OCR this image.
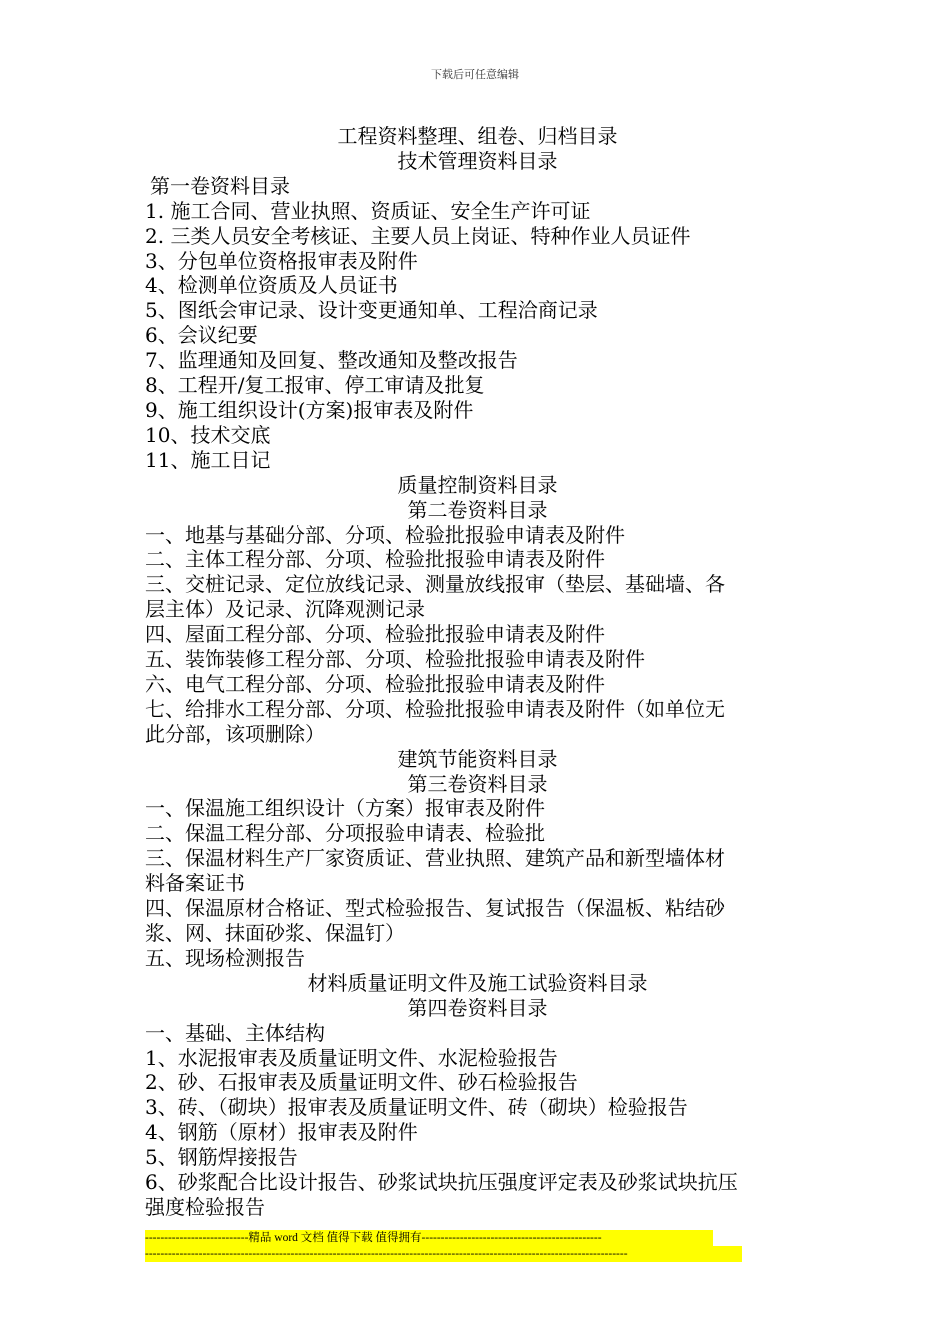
下载后可任意编辑
工程资料整理、组卷、归档目录
技术管理资料目录
第一卷资料目录
1. 施工合同、营业执照、资质证、安全生产许可证
2. 三类人员安全考核证、主要人员上岗证、特种作业人员证件
3、分包单位资格报审表及附件
4、检测单位资质及人员证书
5、图纸会审记录、设计变更通知单、工程洽商记录
6、会议纪要
7、监理通知及回复、整改通知及整改报告
8、工程开/复工报审、停工审请及批复
9、施工组织设计(方案)报审表及附件
10、技术交底
11、施工日记
质量控制资料目录
第二卷资料目录
一、地基与基础分部、分项、检验批报验申请表及附件
二、主体工程分部、分项、检验批报验申请表及附件
三、交桩记录、定位放线记录、测量放线报审（垫层、基础墙、各
层主体）及记录、沉降观测记录
四、屋面工程分部、分项、检验批报验申请表及附件
五、装饰装修工程分部、分项、检验批报验申请表及附件
六、电气工程分部、分项、检验批报验申请表及附件
七、给排水工程分部、分项、检验批报验申请表及附件（如单位无
此分部，该项删除）
建筑节能资料目录
第三卷资料目录
一、保温施工组织设计（方案）报审表及附件
二、保温工程分部、分项报验申请表、检验批
三、保温材料生产厂家资质证、营业执照、建筑产品和新型墙体材
料备案证书
四、保温原材合格证、型式检验报告、复试报告（保温板、粘结砂
浆、网、抹面砂浆、保温钉）
五、现场检测报告
材料质量证明文件及施工试验资料目录
第四卷资料目录
一、基础、主体结构
1、水泥报审表及质量证明文件、水泥检验报告
2、砂、石报审表及质量证明文件、砂石检验报告
3、砖、（砌块）报审表及质量证明文件、砖（砌块）检验报告
4、钢筋（原材）报审表及附件
5、钢筋焊接报告
6、砂浆配合比设计报告、砂浆试块抗压强度评定表及砂浆试块抗压
强度检验报告
---------------------------精品 word 文档 值得下载 值得拥有-----------------------------------------------
------------------------------------------------------------------------------------------------------------------------------
